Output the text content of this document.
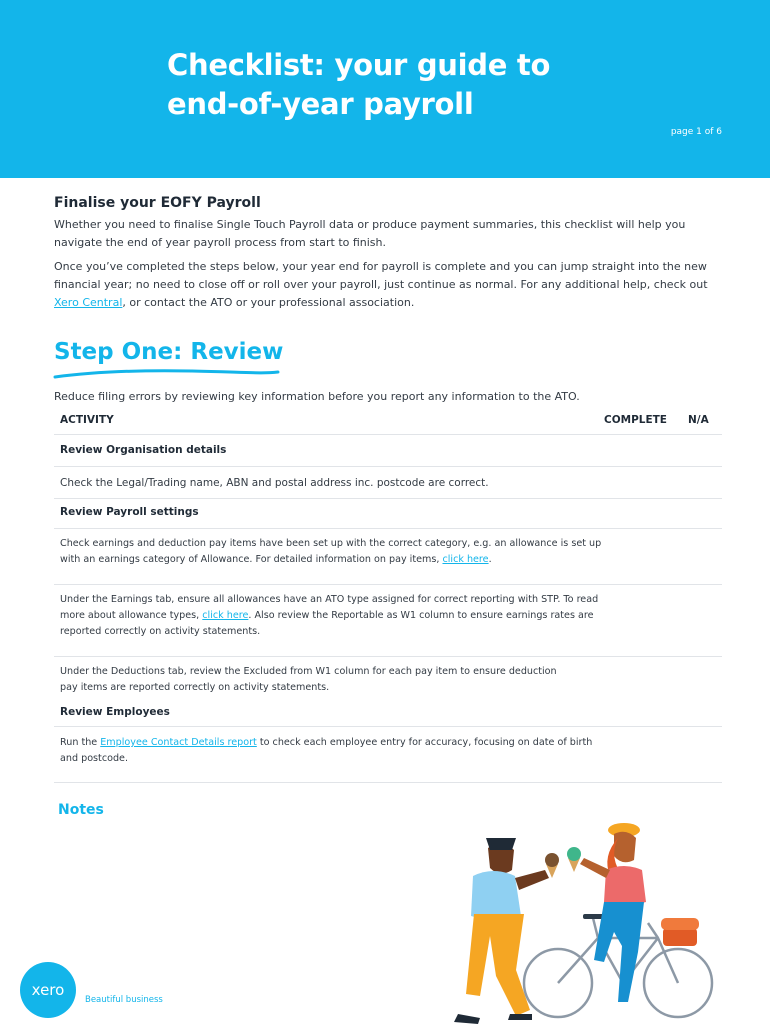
Checklist: your guide to
end-of-year payroll
page 1 of 6
Finalise your EOFY Payroll

Whether you need to finalise Single Touch Payroll data or produce payment summaries, this checklist will help you navigate the end of year payroll process from start to finish.

Once you’ve completed the steps below, your year end for payroll is complete and you can jump straight into the new financial year; no need to close off or roll over your payroll, just continue as normal. For any additional help, check out Xero Central, or contact the ATO or your professional association.

Step One: Review
Reduce filing errors by reviewing key information before you report any information to the ATO.
ACTIVITY	COMPLETE N/A
Review Organisation details
Check the Legal/Trading name, ABN and postal address inc. postcode are correct.
Review Payroll settings
Check earnings and deduction pay items have been set up with the correct category, e.g. an allowance is set up with an earnings category of Allowance. For detailed information on pay items, click here.
Under the Earnings tab, ensure all allowances have an ATO type assigned for correct reporting with STP. To read more about allowance types, click here. Also review the Reportable as W1 column to ensure earnings rates are reported correctly on activity statements.
Under the Deductions tab, review the Excluded from W1 column for each pay item to ensure deduction pay items are reported correctly on activity statements.
Review Employees
Run the Employee Contact Details report to check each employee entry for accuracy, focusing on date of birth and postcode.
Notes
xero
Beautiful business
